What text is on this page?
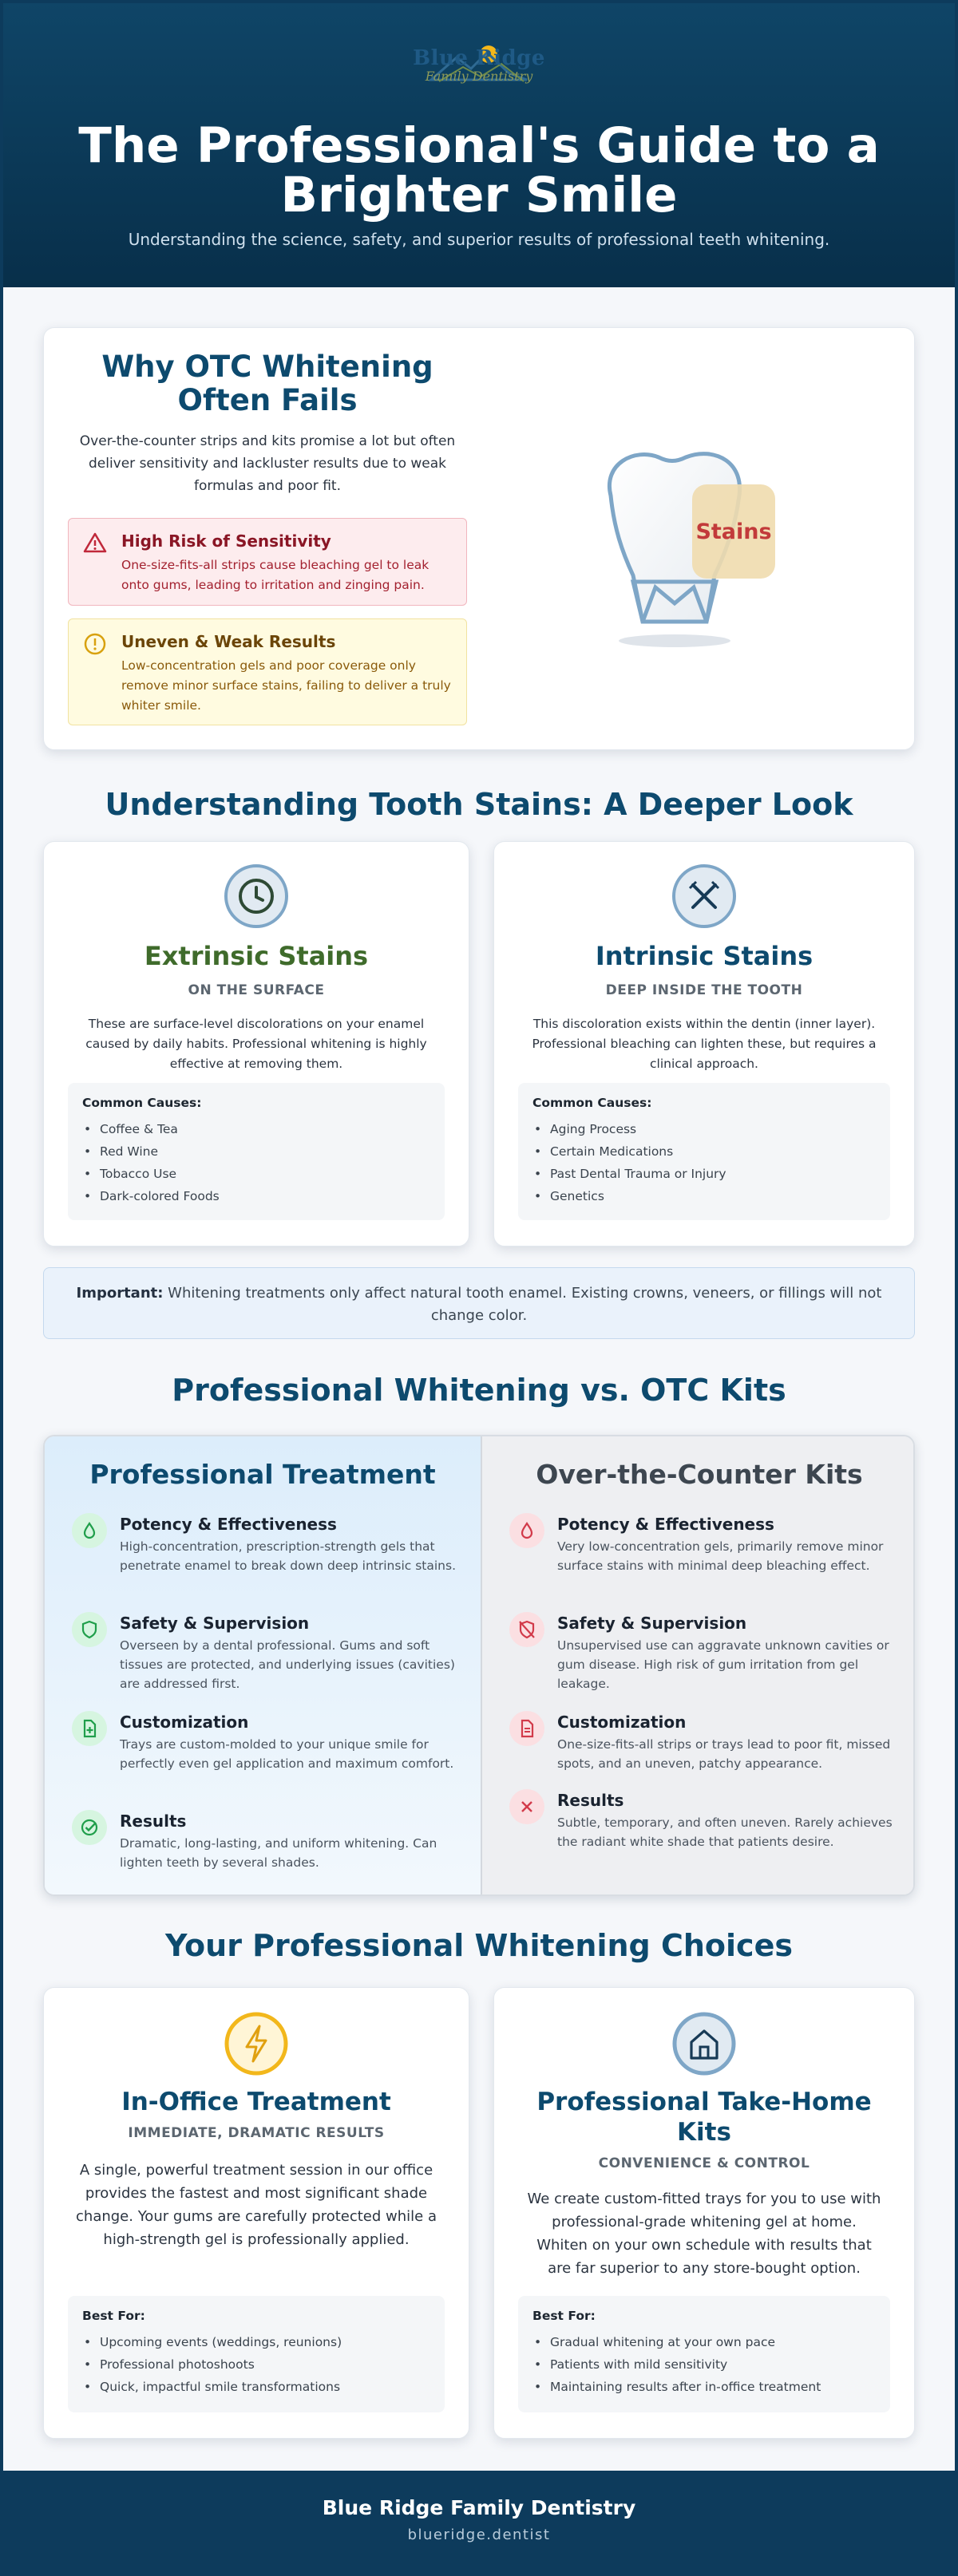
Blue Ridge
Family Dentistry
The Professional's Guide to a
Brighter Smile
Understanding the science, safety, and superior results of professional teeth whitening.
Why OTC Whitening
Often Fails
Over-the-counter strips and kits promise a lot but often deliver sensitivity and lackluster results due to weak formulas and poor fit.
High Risk of Sensitivity
One-size-fits-all strips cause bleaching gel to leak onto gums, leading to irritation and zinging pain.
Uneven & Weak Results
Low-concentration gels and poor coverage only remove minor surface stains, failing to deliver a truly whiter smile.
Stains
Understanding Tooth Stains: A Deeper Look
Extrinsic Stains
ON THE SURFACE
These are surface-level discolorations on your enamel caused by daily habits. Professional whitening is highly effective at removing them.
Common Causes:
• Coffee & Tea
• Red Wine
• Tobacco Use
• Dark-colored Foods
Intrinsic Stains
DEEP INSIDE THE TOOTH
This discoloration exists within the dentin (inner layer). Professional bleaching can lighten these, but requires a clinical approach.
Common Causes:
• Aging Process
• Certain Medications
• Past Dental Trauma or Injury
• Genetics
Important: Whitening treatments only affect natural tooth enamel. Existing crowns, veneers, or fillings will not change color.
Professional Whitening vs. OTC Kits
Professional Treatment
Potency & Effectiveness
High-concentration, prescription-strength gels that penetrate enamel to break down deep intrinsic stains.
Safety & Supervision
Overseen by a dental professional. Gums and soft tissues are protected, and underlying issues (cavities) are addressed first.
Customization
Trays are custom-molded to your unique smile for perfectly even gel application and maximum comfort.
Results
Dramatic, long-lasting, and uniform whitening. Can lighten teeth by several shades.
Over-the-Counter Kits
Potency & Effectiveness
Very low-concentration gels, primarily remove minor surface stains with minimal deep bleaching effect.
Safety & Supervision
Unsupervised use can aggravate unknown cavities or gum disease. High risk of gum irritation from gel leakage.
Customization
One-size-fits-all strips or trays lead to poor fit, missed spots, and an uneven, patchy appearance.
Results
Subtle, temporary, and often uneven. Rarely achieves the radiant white shade that patients desire.
Your Professional Whitening Choices
In-Office Treatment
IMMEDIATE, DRAMATIC RESULTS
A single, powerful treatment session in our office provides the fastest and most significant shade change. Your gums are carefully protected while a high-strength gel is professionally applied.
Best For:
• Upcoming events (weddings, reunions)
• Professional photoshoots
• Quick, impactful smile transformations
Professional Take-Home
Kits
CONVENIENCE & CONTROL
We create custom-fitted trays for you to use with professional-grade whitening gel at home. Whiten on your own schedule with results that are far superior to any store-bought option.
Best For:
• Gradual whitening at your own pace
• Patients with mild sensitivity
• Maintaining results after in-office treatment
Blue Ridge Family Dentistry
blueridge.dentist
